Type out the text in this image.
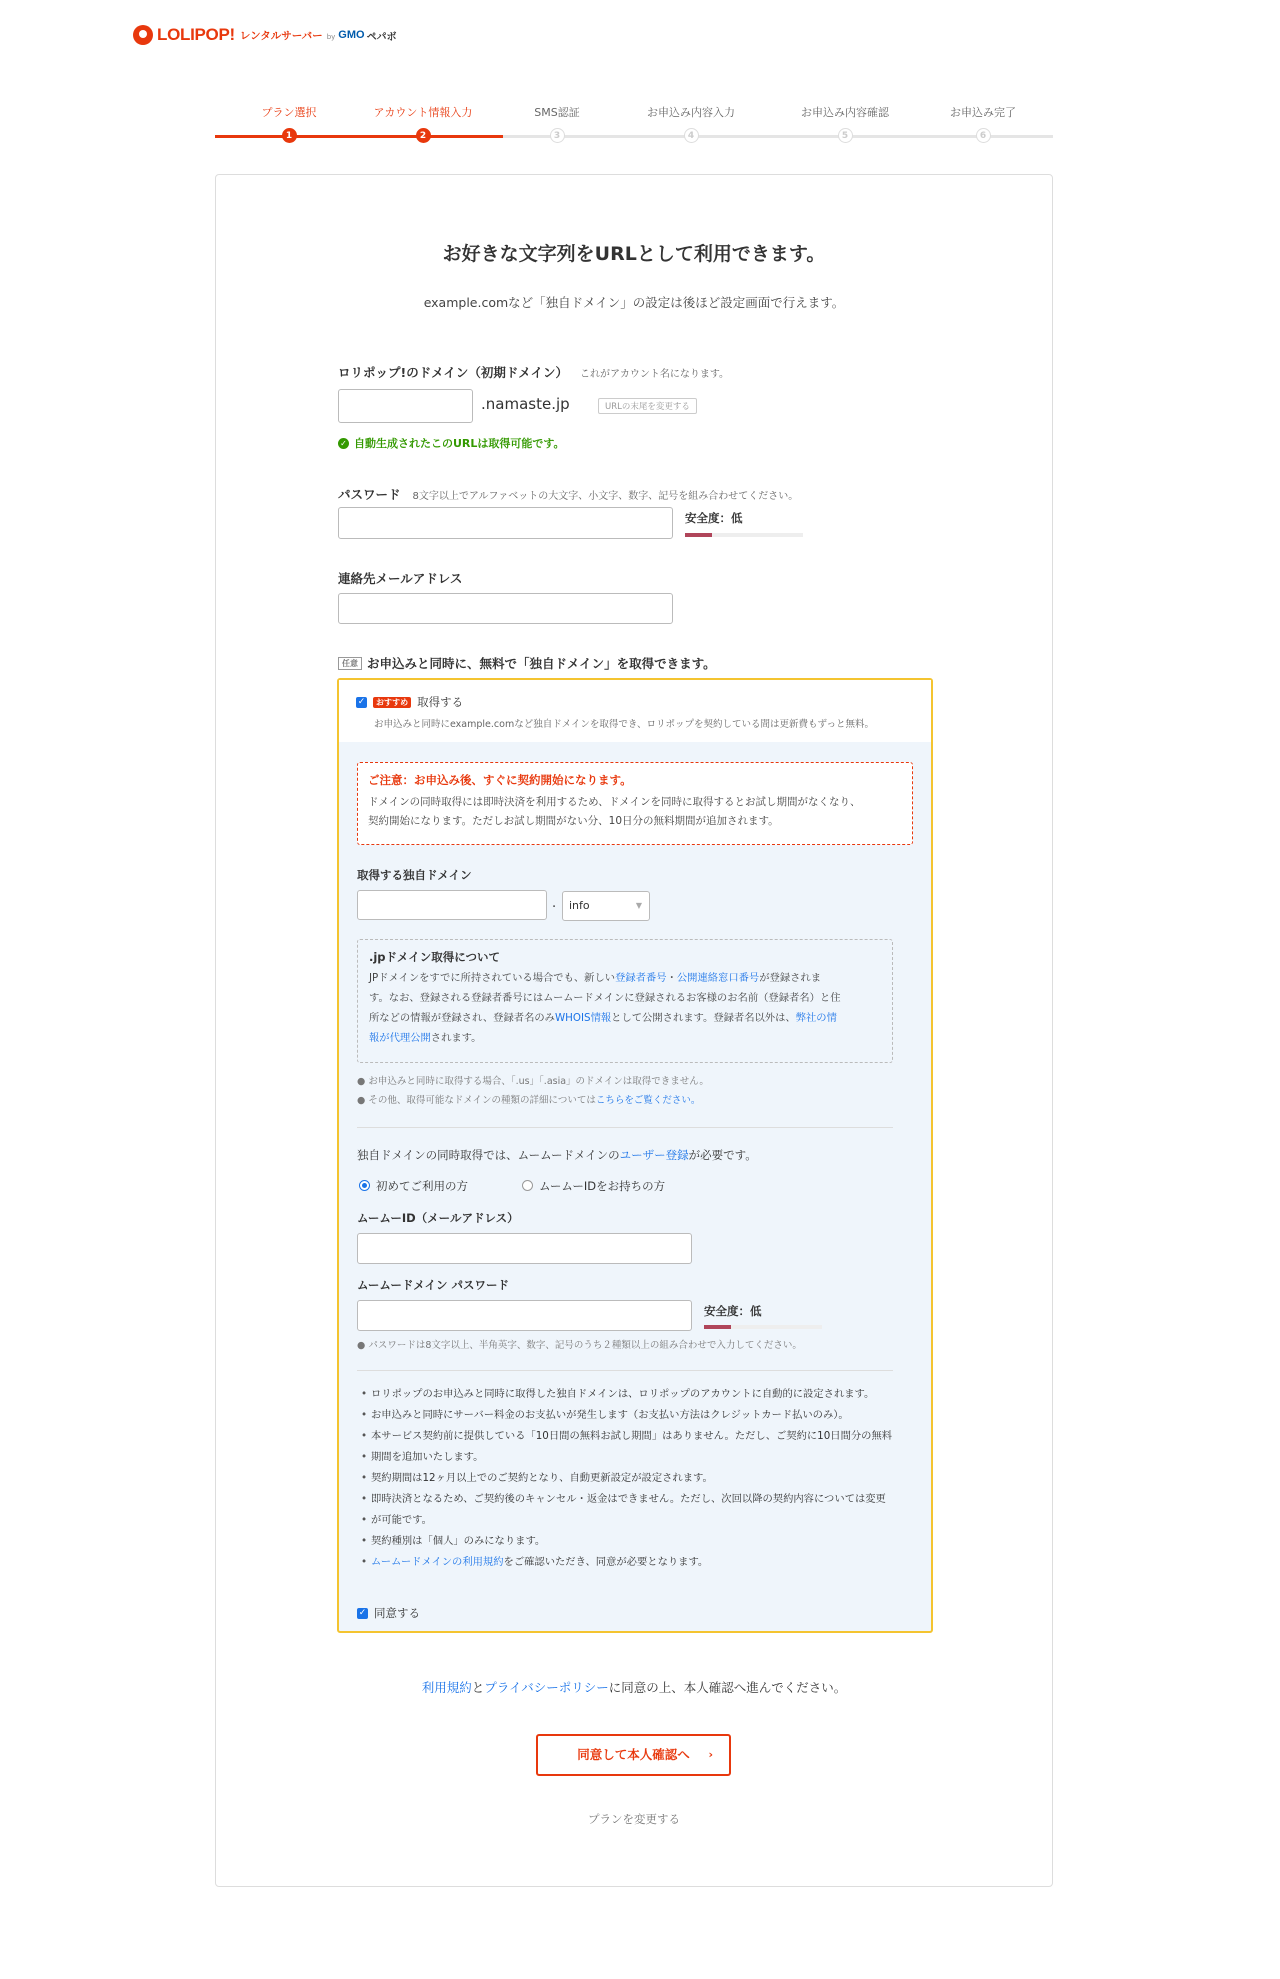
LOLIPOP! レンタルサーバー by GMO ペパボ
プラン選択
1
アカウント情報入力
2
SMS認証
3
お申込み内容入力
4
お申込み内容確認
5
お申込み完了
6
お好きな文字列をURLとして利用できます。
example.comなど「独自ドメイン」の設定は後ほど設定画面で行えます。
ロリポップ!のドメイン（初期ドメイン） これがアカウント名になります。
.namaste.jp	URLの末尾を変更する
✓ 自動生成されたこのURLは取得可能です。
パスワード 8文字以上でアルファベットの大文字、小文字、数字、記号を組み合わせてください。
安全度：低
連絡先メールアドレス
任意 お申込みと同時に、無料で「独自ドメイン」を取得できます。
✓	おすすめ 取得する
お申込みと同時にexample.comなど独自ドメインを取得でき、ロリポップを契約している間は更新費もずっと無料。
ご注意：お申込み後、すぐに契約開始になります。
ドメインの同時取得には即時決済を利用するため、ドメインを同時に取得するとお試し期間がなくなり、
契約開始になります。ただしお試し期間がない分、10日分の無料期間が追加されます。
取得する独自ドメイン
.	info	▼
.jpドメイン取得について
JPドメインをすでに所持されている場合でも、新しい登録者番号・公開連絡窓口番号が登録されま
す。なお、登録される登録者番号にはムームードメインに登録されるお客様のお名前（登録者名）と住
所などの情報が登録され、登録者名のみWHOIS情報として公開されます。登録者名以外は、弊社の情
報が代理公開されます。
● お申込みと同時に取得する場合、「.us」「.asia」のドメインは取得できません。
● その他、取得可能なドメインの種類の詳細についてはこちらをご覧ください。
独自ドメインの同時取得では、ムームードメインのユーザー登録が必要です。
初めてご利用の方	ムームーIDをお持ちの方
ムームーID（メールアドレス）
ムームードメイン パスワード
安全度：低
● パスワードは8文字以上、半角英字、数字、記号のうち２種類以上の組み合わせで入力してください。
• ロリポップのお申込みと同時に取得した独自ドメインは、ロリポップのアカウントに自動的に設定されます。
• お申込みと同時にサーバー料金のお支払いが発生します（お支払い方法はクレジットカード払いのみ）。
• 本サービス契約前に提供している「10日間の無料お試し期間」はありません。ただし、ご契約に10日間分の無料
• 期間を追加いたします。
• 契約期間は12ヶ月以上でのご契約となり、自動更新設定が設定されます。
• 即時決済となるため、ご契約後のキャンセル・返金はできません。ただし、次回以降の契約内容については変更
• が可能です。
• 契約種別は「個人」のみになります。
• ムームードメインの利用規約をご確認いただき、同意が必要となります。
✓ 同意する
利用規約とプライバシーポリシーに同意の上、本人確認へ進んでください。
同意して本人確認へ ›
プランを変更する
